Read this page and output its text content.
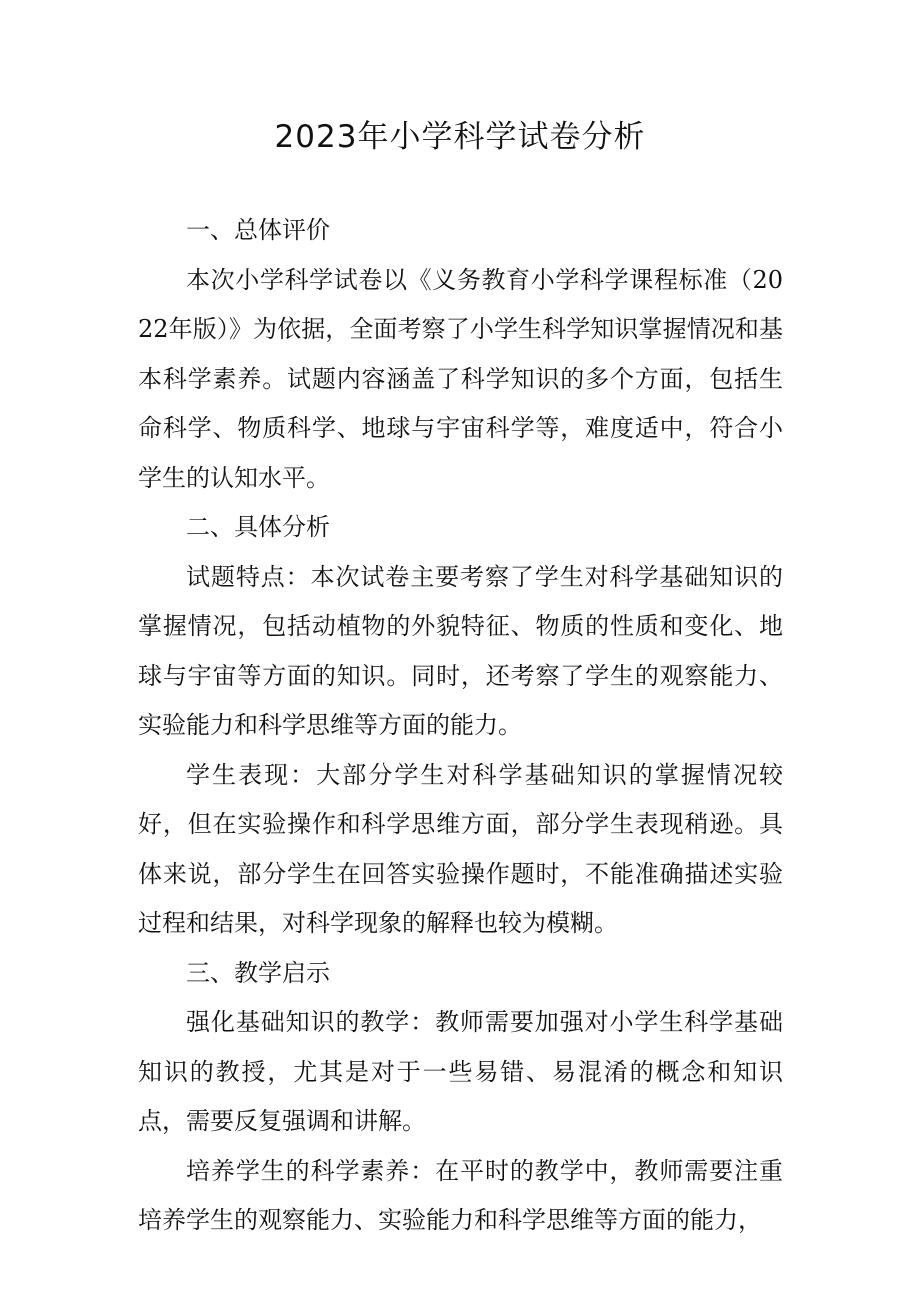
2023年小学科学试卷分析

一、总体评价

本次小学科学试卷以《义务教育小学科学课程标准（2022年版）》为依据，全面考察了小学生科学知识掌握情况和基本科学素养。试题内容涵盖了科学知识的多个方面，包括生命科学、物质科学、地球与宇宙科学等，难度适中，符合小学生的认知水平。

二、具体分析

试题特点：本次试卷主要考察了学生对科学基础知识的掌握情况，包括动植物的外貌特征、物质的性质和变化、地球与宇宙等方面的知识。同时，还考察了学生的观察能力、实验能力和科学思维等方面的能力。

学生表现：大部分学生对科学基础知识的掌握情况较好，但在实验操作和科学思维方面，部分学生表现稍逊。具体来说，部分学生在回答实验操作题时，不能准确描述实验过程和结果，对科学现象的解释也较为模糊。

三、教学启示

强化基础知识的教学：教师需要加强对小学生科学基础知识的教授，尤其是对于一些易错、易混淆的概念和知识点，需要反复强调和讲解。

培养学生的科学素养：在平时的教学中，教师需要注重培养学生的观察能力、实验能力和科学思维等方面的能力，
